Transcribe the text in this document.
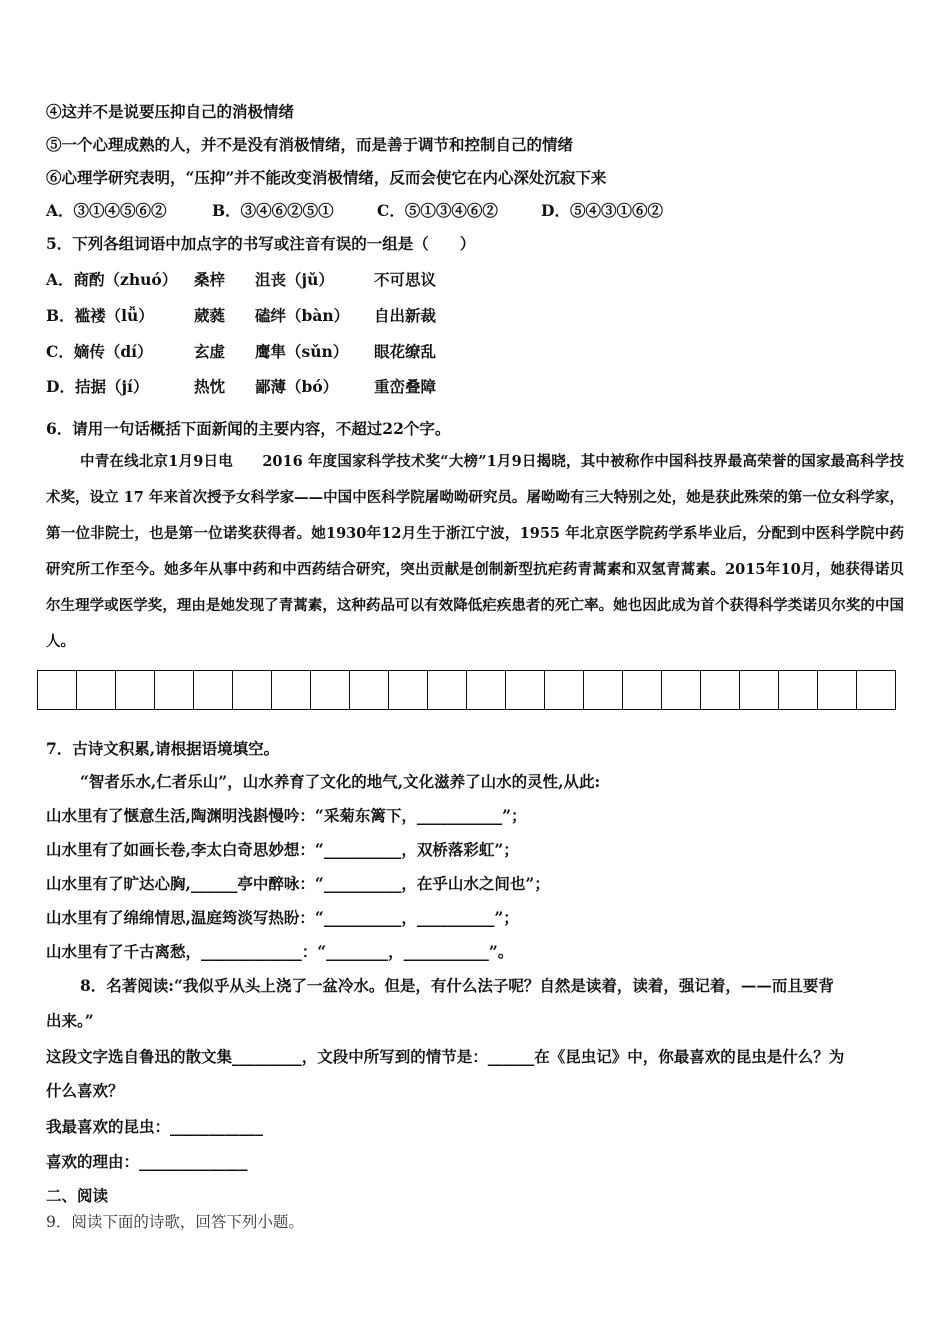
④这并不是说要压抑自己的消极情绪
⑤一个心理成熟的人，并不是没有消极情绪，而是善于调节和控制自己的情绪
⑥心理学研究表明，“压抑”并不能改变消极情绪，反而会使它在内心深处沉寂下来
A．③①④⑤⑥②	B．③④⑥②⑤①	C．⑤①③④⑥②	D．⑤④③①⑥②
5．下列各组词语中加点字的书写或注音有误的一组是（　　）
A．商酌（zhuó）	桑梓	沮丧（jǔ）	不可思议
B．褴褛（lǚ）	葳蕤	磕绊（bàn）	自出新裁
C．嫡传（dí）	玄虚	鹰隼（sǔn）	眼花缭乱
D．拮据（jí）	热忱	鄙薄（bó）	重峦叠障
6．请用一句话概括下面新闻的主要内容，不超过22个字。
中青在线北京1月9日电　　2016 年度国家科学技术奖“大榜”1月9日揭晓，其中被称作中国科技界最高荣誉的国家最高科学技术奖，设立 17 年来首次授予女科学家——中国中医科学院屠呦呦研究员。屠呦呦有三大特别之处，她是获此殊荣的第一位女科学家，第一位非院士，也是第一位诺奖获得者。她1930年12月生于浙江宁波，1955 年北京医学院药学系毕业后，分配到中医科学院中药研究所工作至今。她多年从事中药和中西药结合研究，突出贡献是创制新型抗疟药青蒿素和双氢青蒿素。2015年10月，她获得诺贝尔生理学或医学奖，理由是她发现了青蒿素，这种药品可以有效降低疟疾患者的死亡率。她也因此成为首个获得科学类诺贝尔奖的中国人。
7．古诗文积累,请根据语境填空。
“智者乐水,仁者乐山”，山水养育了文化的地气,文化滋养了山水的灵性,从此:
山水里有了惬意生活,陶渊明浅斟慢吟：“采菊东篱下，___________”；
山水里有了如画长卷,李太白奇思妙想：“__________，双桥落彩虹”；
山水里有了旷达心胸,______亭中醉咏：“__________，在乎山水之间也”；
山水里有了绵绵情思,温庭筠淡写热盼：“__________，__________”；
山水里有了千古离愁，_____________：“________，___________”。
8．名著阅读:“我似乎从头上浇了一盆冷水。但是，有什么法子呢？自然是读着，读着，强记着，——而且要背
出来。”
这段文字选自鲁迅的散文集_________，文段中所写到的情节是：______在《昆虫记》中，你最喜欢的昆虫是什么？为
什么喜欢？
我最喜欢的昆虫：____________
喜欢的理由：______________
二、阅读
9．阅读下面的诗歌，回答下列小题。
